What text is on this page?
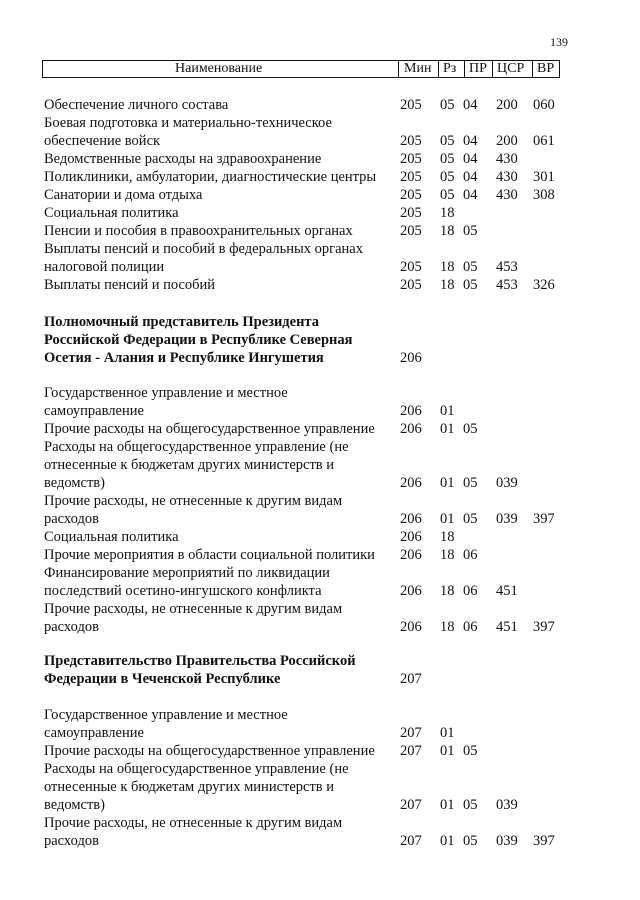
139
Наименование	Мин Рз ПР ЦСР ВР
Обеспечение личного состава	205 05 04 200 060
Боевая подготовка и материально-техническое
обеспечение войск	205 05 04 200 061
Ведомственные расходы на здравоохранение	205 05 04 430
Поликлиники, амбулатории, диагностические центры 205 05 04 430 301
Санатории и дома отдыха	205 05 04 430 308
Социальная политика	205 18
Пенсии и пособия в правоохранительных органах	205 18 05
Выплаты пенсий и пособий в федеральных органах
налоговой полиции	205 18 05 453
Выплаты пенсий и пособий	205 18 05 453 326
Полномочный представитель Президента
Российской Федерации в Республике Северная
Осетия - Алания и Республике Ингушетия	206
Государственное управление и местное
самоуправление	206 01
Прочие расходы на общегосударственное управление 206 01 05
Расходы на общегосударственное управление (не
отнесенные к бюджетам других министерств и
ведомств)	206 01 05 039
Прочие расходы, не отнесенные к другим видам
расходов	206 01 05 039 397
Социальная политика	206 18
Прочие мероприятия в области социальной политики 206 18 06
Финансирование мероприятий по ликвидации
последствий осетино-ингушского конфликта	206 18 06 451
Прочие расходы, не отнесенные к другим видам
расходов	206 18 06 451 397
Представительство Правительства Российской
Федерации в Чеченской Республике	207
Государственное управление и местное
самоуправление	207 01
Прочие расходы на общегосударственное управление 207 01 05
Расходы на общегосударственное управление (не
отнесенные к бюджетам других министерств и
ведомств)	207 01 05 039
Прочие расходы, не отнесенные к другим видам
расходов	207 01 05 039 397
